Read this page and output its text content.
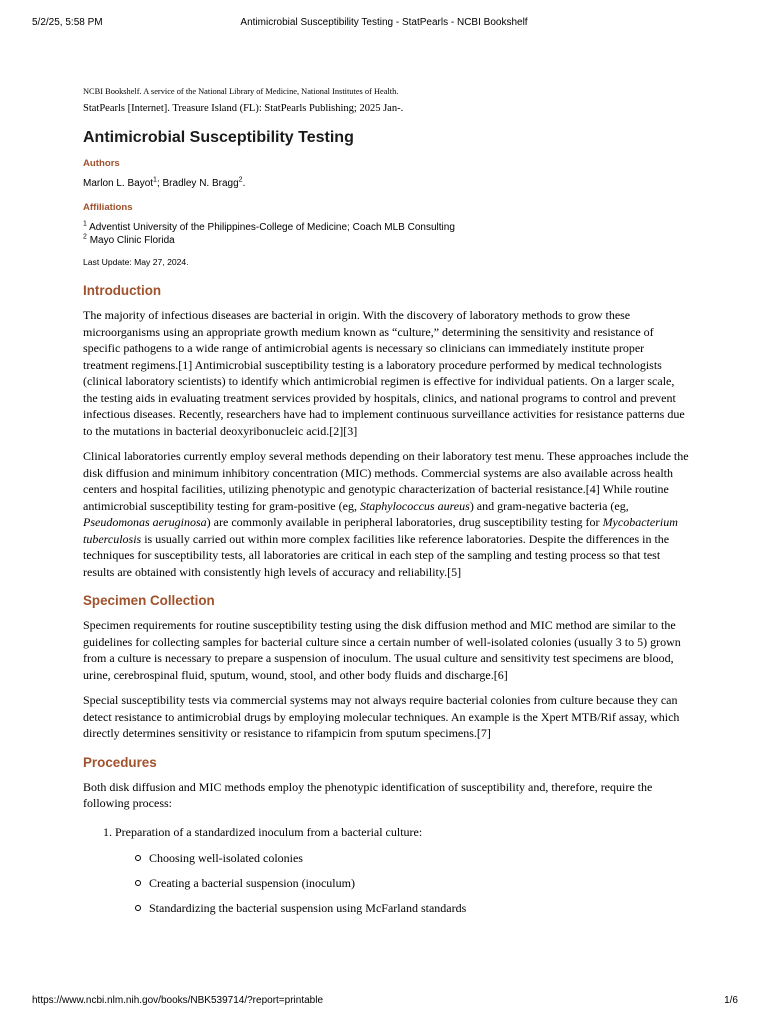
5/2/25, 5:58 PM	Antimicrobial Susceptibility Testing - StatPearls - NCBI Bookshelf
NCBI Bookshelf. A service of the National Library of Medicine, National Institutes of Health.
StatPearls [Internet]. Treasure Island (FL): StatPearls Publishing; 2025 Jan-.
Antimicrobial Susceptibility Testing
Authors
Marlon L. Bayot$^1$; Bradley N. Bragg$^2$.
Affiliations
$^1$ Adventist University of the Philippines-College of Medicine; Coach MLB Consulting
$^2$ Mayo Clinic Florida
Last Update: May 27, 2024.
Introduction

The majority of infectious diseases are bacterial in origin. With the discovery of laboratory methods to grow these microorganisms using an appropriate growth medium known as “culture,” determining the sensitivity and resistance of specific pathogens to a wide range of antimicrobial agents is necessary so clinicians can immediately institute proper treatment regimens.[1] Antimicrobial susceptibility testing is a laboratory procedure performed by medical technologists (clinical laboratory scientists) to identify which antimicrobial regimen is effective for individual patients. On a larger scale, the testing aids in evaluating treatment services provided by hospitals, clinics, and national programs to control and prevent infectious diseases. Recently, researchers have had to implement continuous surveillance activities for resistance patterns due to the mutations in bacterial deoxyribonucleic acid.[2][3]

Clinical laboratories currently employ several methods depending on their laboratory test menu. These approaches include the disk diffusion and minimum inhibitory concentration (MIC) methods. Commercial systems are also available across health centers and hospital facilities, utilizing phenotypic and genotypic characterization of bacterial resistance.[4] While routine antimicrobial susceptibility testing for gram-positive (eg, Staphylococcus aureus) and gram-negative bacteria (eg, Pseudomonas aeruginosa) are commonly available in peripheral laboratories, drug susceptibility testing for Mycobacterium tuberculosis is usually carried out within more complex facilities like reference laboratories. Despite the differences in the techniques for susceptibility tests, all laboratories are critical in each step of the sampling and testing process so that test results are obtained with consistently high levels of accuracy and reliability.[5]

Specimen Collection

Specimen requirements for routine susceptibility testing using the disk diffusion method and MIC method are similar to the guidelines for collecting samples for bacterial culture since a certain number of well-isolated colonies (usually 3 to 5) grown from a culture is necessary to prepare a suspension of inoculum. The usual culture and sensitivity test specimens are blood, urine, cerebrospinal fluid, sputum, wound, stool, and other body fluids and discharge.[6]

Special susceptibility tests via commercial systems may not always require bacterial colonies from culture because they can detect resistance to antimicrobial drugs by employing molecular techniques. An example is the Xpert MTB/Rif assay, which directly determines sensitivity or resistance to rifampicin from sputum specimens.[7]

Procedures

Both disk diffusion and MIC methods employ the phenotypic identification of susceptibility and, therefore, require the following process:

1. Preparation of a standardized inoculum from a bacterial culture:
Choosing well-isolated colonies
Creating a bacterial suspension (inoculum)
Standardizing the bacterial suspension using McFarland standards
https://www.ncbi.nlm.nih.gov/books/NBK539714/?report=printable	1/6
